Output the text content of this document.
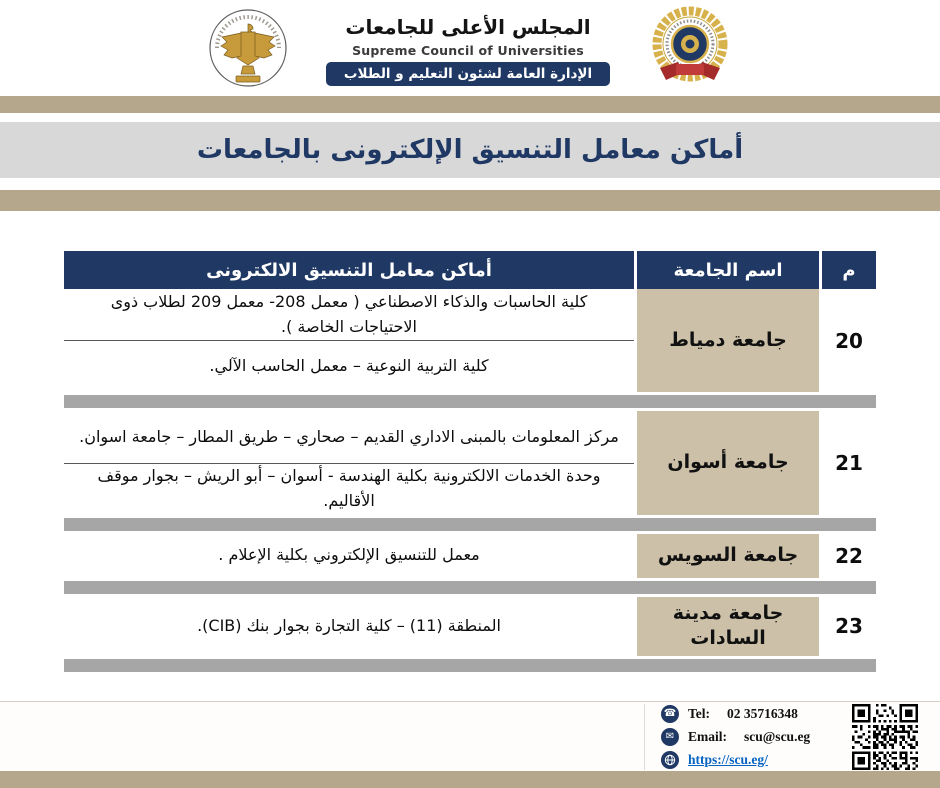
المجلس الأعلى للجامعات
Supreme Council of Universities
الإدارة العامة لشئون التعليم و الطلاب
أماكن معامل التنسيق الإلكترونى بالجامعات
م
اسم الجامعة
أماكن معامل التنسيق الالكترونى
20
جامعة دمياط
كلية الحاسبات والذكاء الاصطناعي ( معمل 208- معمل 209 لطلاب ذوى الاحتياجات الخاصة ).
كلية التربية النوعية – معمل الحاسب الآلي.
21
جامعة أسوان
مركز المعلومات بالمبنى الاداري القديم – صحاري – طريق المطار – جامعة اسوان.
وحدة الخدمات الالكترونية بكلية الهندسة - أسوان – أبو الريش – بجوار موقف الأقاليم.
22
جامعة السويس
معمل للتنسيق الإلكتروني بكلية الإعلام .
23
جامعة مدينة السادات
المنطقة (11) – كلية التجارة بجوار بنك (CIB).
☎ Tel: 02 35716348
✉	Email: scu@scu.eg
https://scu.eg/
